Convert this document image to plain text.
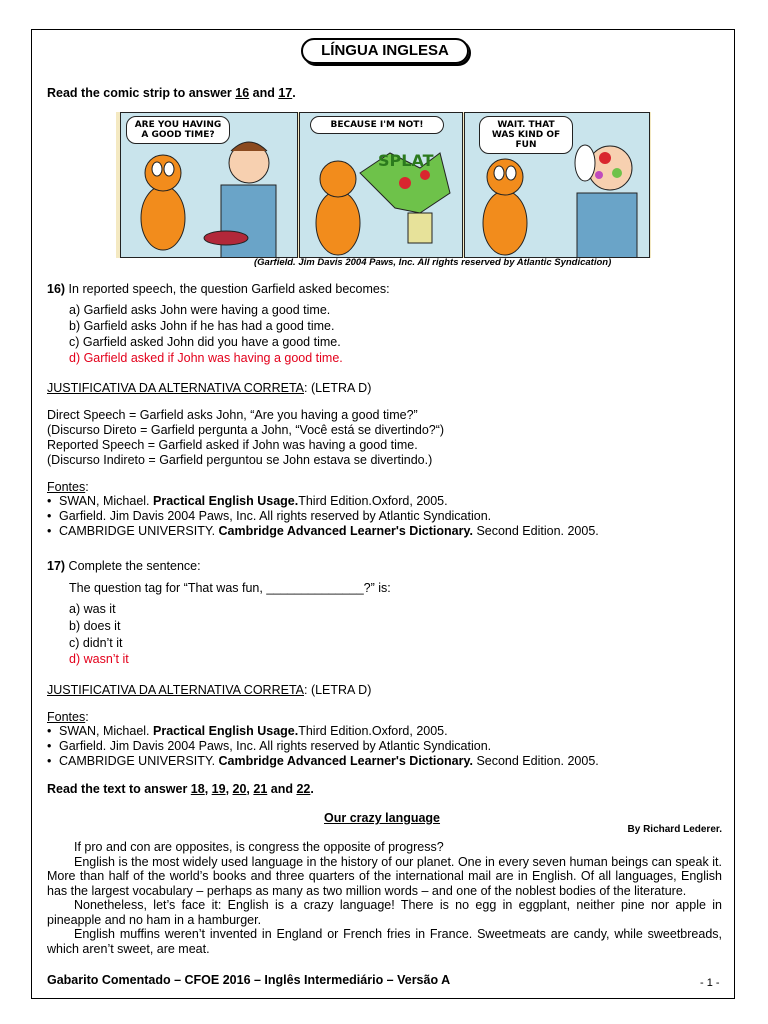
LÍNGUA INGLESA
Read the comic strip to answer 16 and 17.
ARE YOU HAVING A GOOD TIME?
BECAUSE I'M NOT!
SPLAT
WAIT. THAT WAS KIND OF FUN
(Garfield. Jim Davis 2004 Paws, Inc. All rights reserved by Atlantic Syndication)
16) In reported speech, the question Garfield asked becomes:
a) Garfield asks John were having a good time.
b) Garfield asks John if he has had a good time.
c) Garfield asked John did you have a good time.
d) Garfield asked if John was having a good time.
JUSTIFICATIVA DA ALTERNATIVA CORRETA: (LETRA D)
Direct Speech = Garfield asks John, “Are you having a good time?”
(Discurso Direto = Garfield pergunta a John, “Você está se divertindo?“)
Reported Speech = Garfield asked if John was having a good time.
(Discurso Indireto = Garfield perguntou se John estava se divertindo.)
Fontes:
• SWAN, Michael. Practical English Usage.Third Edition.Oxford, 2005.
• Garfield. Jim Davis 2004 Paws, Inc. All rights reserved by Atlantic Syndication.
• CAMBRIDGE UNIVERSITY. Cambridge Advanced Learner's Dictionary. Second Edition. 2005.
17) Complete the sentence:
The question tag for “That was fun, ______________?” is:
a) was it
b) does it
c) didn’t it
d) wasn’t it
JUSTIFICATIVA DA ALTERNATIVA CORRETA: (LETRA D)
Fontes:
• SWAN, Michael. Practical English Usage.Third Edition.Oxford, 2005.
• Garfield. Jim Davis 2004 Paws, Inc. All rights reserved by Atlantic Syndication.
• CAMBRIDGE UNIVERSITY. Cambridge Advanced Learner's Dictionary. Second Edition. 2005.
Read the text to answer 18, 19, 20, 21 and 22.
Our crazy language
By Richard Lederer.

If pro and con are opposites, is congress the opposite of progress?

English is the most widely used language in the history of our planet. One in every seven human beings can speak it. More than half of the world’s books and three quarters of the international mail are in English. Of all languages, English has the largest vocabulary – perhaps as many as two million words – and one of the noblest bodies of the literature.

Nonetheless, let’s face it: English is a crazy language! There is no egg in eggplant, neither pine nor apple in pineapple and no ham in a hamburger.

English muffins weren’t invented in England or French fries in France. Sweetmeats are candy, while sweetbreads, which aren’t sweet, are meat.

Gabarito Comentado – CFOE 2016 – Inglês Intermediário – Versão A	- 1 -
